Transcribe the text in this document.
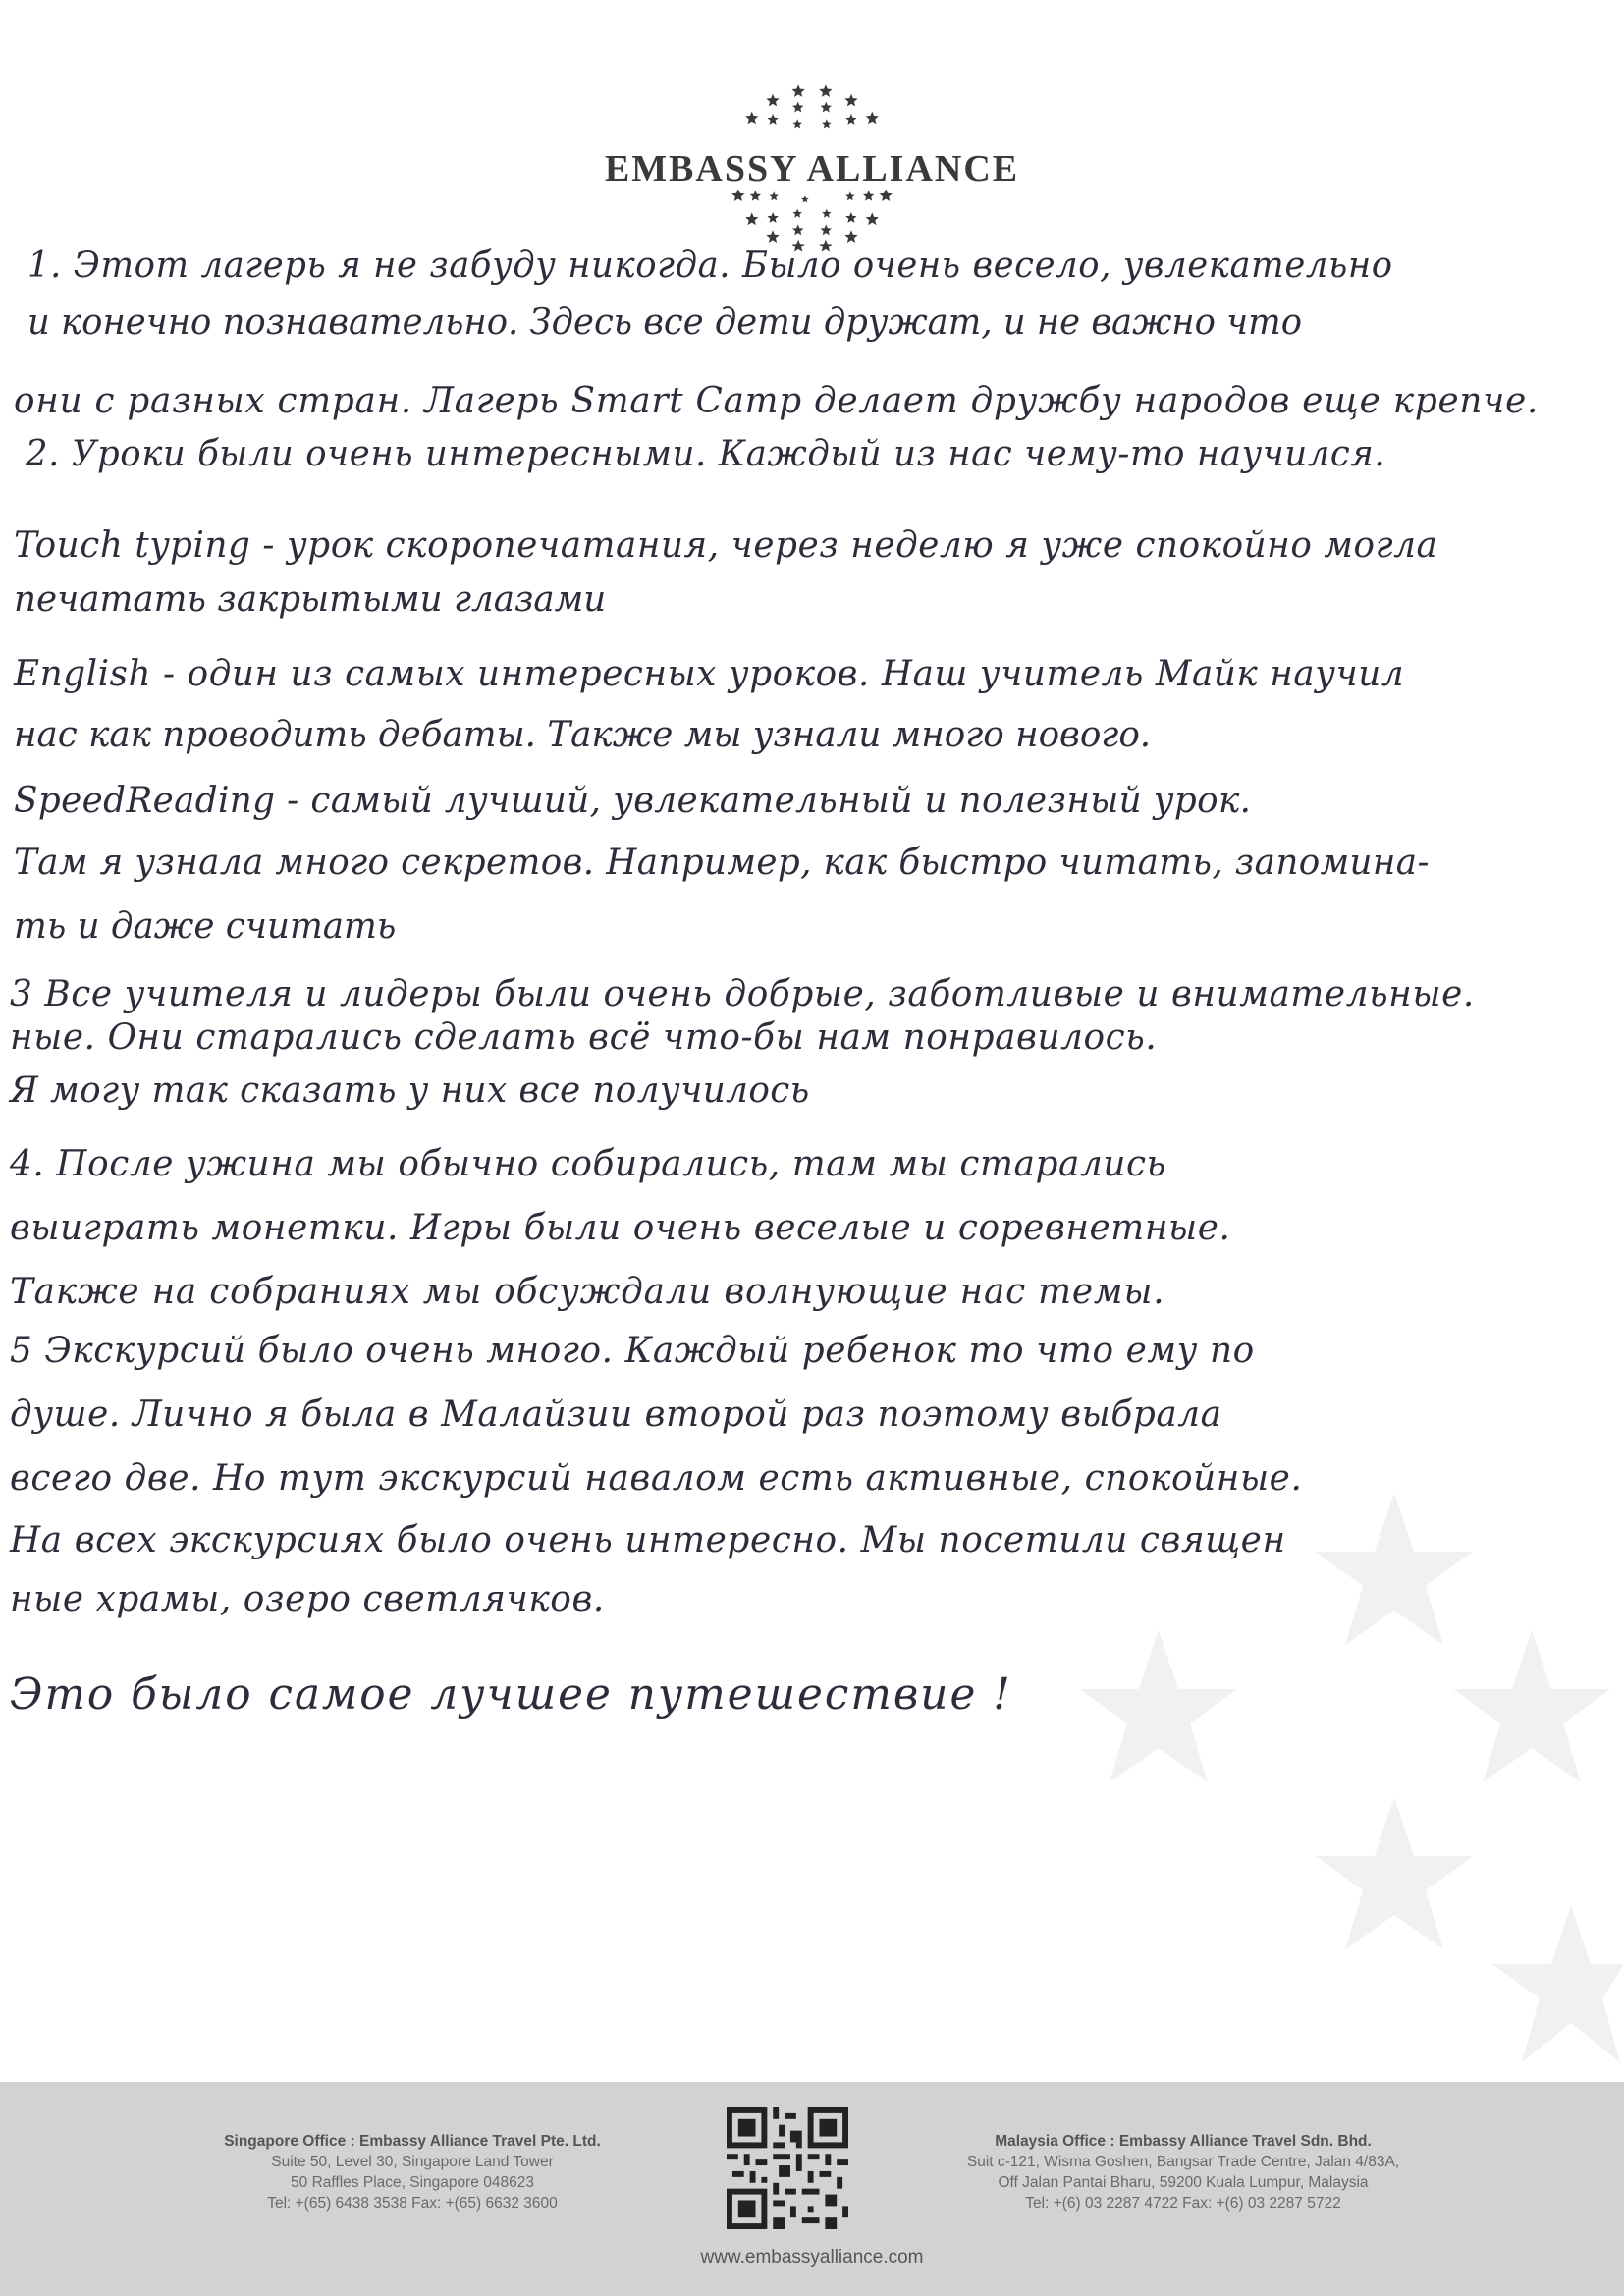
EMBASSY ALLIANCE
1. Этот лагерь я не забуду никогда. Было очень весело, увлекательно
и конечно познавательно. Здесь все дети дружат, и не важно что
они с разных стран. Лагерь Smart Camp делает дружбу народов еще крепче.
2. Уроки были очень интересными. Каждый из нас чему-то научился.
Touch typing - урок скоропечатания, через неделю я уже спокойно могла
печатать закрытыми глазами
English - один из самых интересных уроков. Наш учитель Майк научил
нас как проводить дебаты. Также мы узнали много нового.
SpeedReading - самый лучший, увлекательный и полезный урок.
Там я узнала много секретов. Например, как быстро читать, запомина-
ть и даже считать
3 Все учителя и лидеры были очень добрые, заботливые и внимательные.
ные. Они старались сделать всё что-бы нам понравилось.
Я могу так сказать у них все получилось
4. После ужина мы обычно собирались, там мы старались
выиграть монетки. Игры были очень веселые и соревнетные.
Также на собраниях мы обсуждали волнующие нас темы.
5 Экскурсий было очень много. Каждый ребенок то что ему по
душе. Лично я была в Малайзии второй раз поэтому выбрала
всего две. Но тут экскурсий навалом есть активные, спокойные.
На всех экскурсиях было очень интересно. Мы посетили священ
ные храмы, озеро светлячков.
Это было самое лучшее путешествие !
Singapore Office : Embassy Alliance Travel Pte. Ltd.
Suite 50, Level 30, Singapore Land Tower
50 Raffles Place, Singapore 048623
Tel: +(65) 6438 3538 Fax: +(65) 6632 3600
Malaysia Office : Embassy Alliance Travel Sdn. Bhd.
Suit c-121, Wisma Goshen, Bangsar Trade Centre, Jalan 4/83A,
Off Jalan Pantai Bharu, 59200 Kuala Lumpur, Malaysia
Tel: +(6) 03 2287 4722 Fax: +(6) 03 2287 5722
www.embassyalliance.com
